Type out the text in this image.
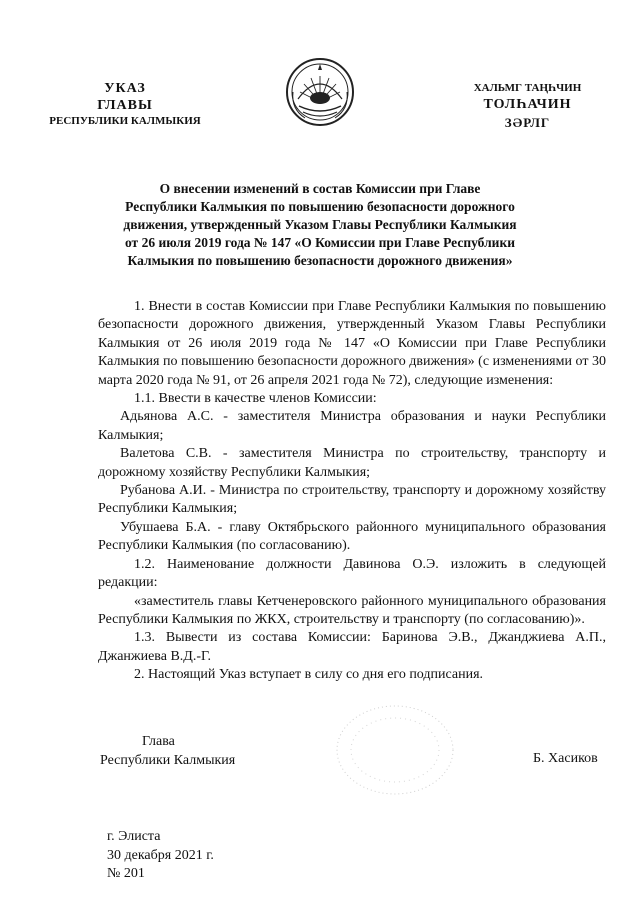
УКАЗ
ГЛАВЫ
РЕСПУБЛИКИ КАЛМЫКИЯ
ХАЛЬМГ ТАҢҺЧИН
ТОЛҺАЧИН
ЗӘРЛГ
О внесении изменений в состав Комиссии при Главе
Республики Калмыкия по повышению безопасности дорожного
движения, утвержденный Указом Главы Республики Калмыкия
от 26 июля 2019 года № 147 «О Комиссии при Главе Республики
Калмыкия по повышению безопасности дорожного движения»

1. Внести в состав Комиссии при Главе Республики Калмыкия по повышению безопасности дорожного движения, утвержденный Указом Главы Республики Калмыкия от 26 июля 2019 года № 147 «О Комиссии при Главе Республики Калмыкия по повышению безопасности дорожного движения» (с изменениями от 30 марта 2020 года № 91, от 26 апреля 2021 года № 72), следующие изменения:

1.1. Ввести в качестве членов Комиссии:

Адьянова А.С. - заместителя Министра образования и науки Республики Калмыкия;

Валетова С.В. - заместителя Министра по строительству, транспорту и дорожному хозяйству Республики Калмыкия;

Рубанова А.И. - Министра по строительству, транспорту и дорожному хозяйству Республики Калмыкия;

Убушаева Б.А. - главу Октябрьского районного муниципального образования Республики Калмыкия (по согласованию).

1.2. Наименование должности Давинова О.Э. изложить в следующей редакции:

«заместитель главы Кетченеровского районного муниципального образования Республики Калмыкия по ЖКХ, строительству и транспорту (по согласованию)».

1.3. Вывести из состава Комиссии: Баринова Э.В., Джанджиева А.П., Джанжиева В.Д.-Г.

2. Настоящий Указ вступает в силу со дня его подписания.

Глава
Республики Калмыкия	Б. Хасиков
г. Элиста
30 декабря 2021 г.
№ 201
